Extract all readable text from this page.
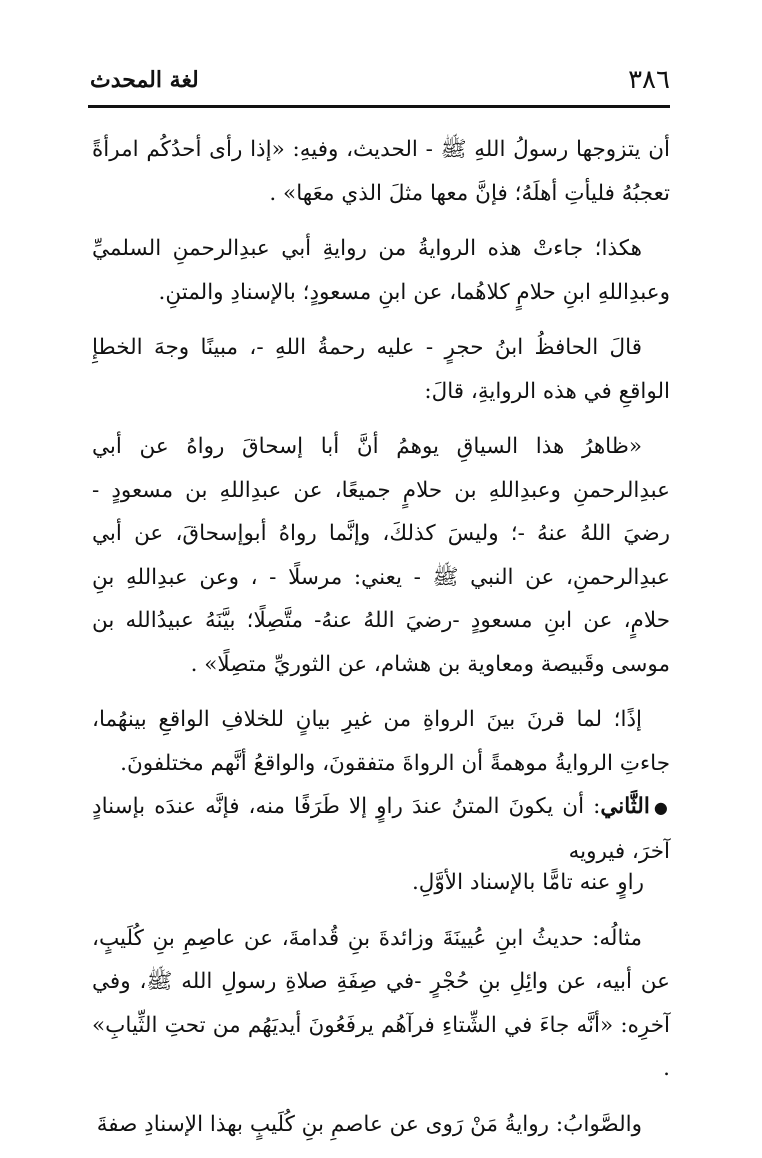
٣٨٦
لغة المحدث

أن يتزوجها رسولُ اللهِ ﷺ - الحديث، وفيهِ: «إذا رأى أحدُكُم امرأةً تعجبُهُ فليأتِ أهلَهُ؛ فإنَّ معها مثلَ الذي معَها» .

هكذا؛ جاءتْ هذه الروايةُ من روايةِ أبي عبدِالرحمنِ السلميِّ وعبدِاللهِ ابنِ حلامٍ كلاهُما، عن ابنِ مسعودٍ؛ بالإسنادِ والمتنِ.

قالَ الحافظُ ابنُ حجرٍ - عليه رحمةُ اللهِ -، مبينًا وجهَ الخطإِ الواقعِ في هذه الروايةِ، قالَ:

«ظاهرُ هذا السياقِ يوهمُ أنَّ أبا إسحاقَ رواهُ عن أبي عبدِالرحمنِ وعبدِاللهِ بن حلامٍ جميعًا، عن عبدِاللهِ بن مسعودٍ - رضيَ اللهُ عنهُ -؛ وليسَ كذلكَ، وإنَّما رواهُ أبوإسحاقَ، عن أبي عبدِالرحمنِ، عن النبي ﷺ - يعني: مرسلًا - ، وعن عبدِاللهِ بنِ حلامٍ، عن ابنِ مسعودٍ -رضيَ اللهُ عنهُ- متَّصِلًا؛ بيَّنَهُ عبيدُالله بن موسى وقَبيصة ومعاوية بن هشام، عن الثوريِّ متصِلًا» .

إذًا؛ لما قرنَ بينَ الرواةِ من غيرِ بيانٍ للخلافِ الواقعِ بينهُما، جاءتِ الروايةُ موهمةً أن الرواةَ متفقونَ، والواقعُ أنَّهم مختلفونَ.

●الثَّاني: أن يكونَ المتنُ عندَ راوٍ إلا طَرَفًا منه، فإنَّه عندَه بإسنادٍ آخرَ، فيرويه

راوٍ عنه تامًّا بالإسناد الأوَّلِ.

مثالُه: حديثُ ابنِ عُيينَةَ وزائدةَ بنِ قُدامةَ، عن عاصِمِ بنِ كُلَيبٍ، عن أبيه، عن وائِلِ بنِ حُجْرٍ -في صِفَةِ صلاةِ رسولِ الله ﷺ، وفي آخرِه: «أنَّه جاءَ في الشِّتاءِ فرآهُم يرفَعُونَ أيديَهُم من تحتِ الثِّيابِ» .

والصَّوابُ: روايةُ مَنْ رَوى عن عاصمِ بنِ كُلَيبٍ بهذا الإسنادِ صفةَ
